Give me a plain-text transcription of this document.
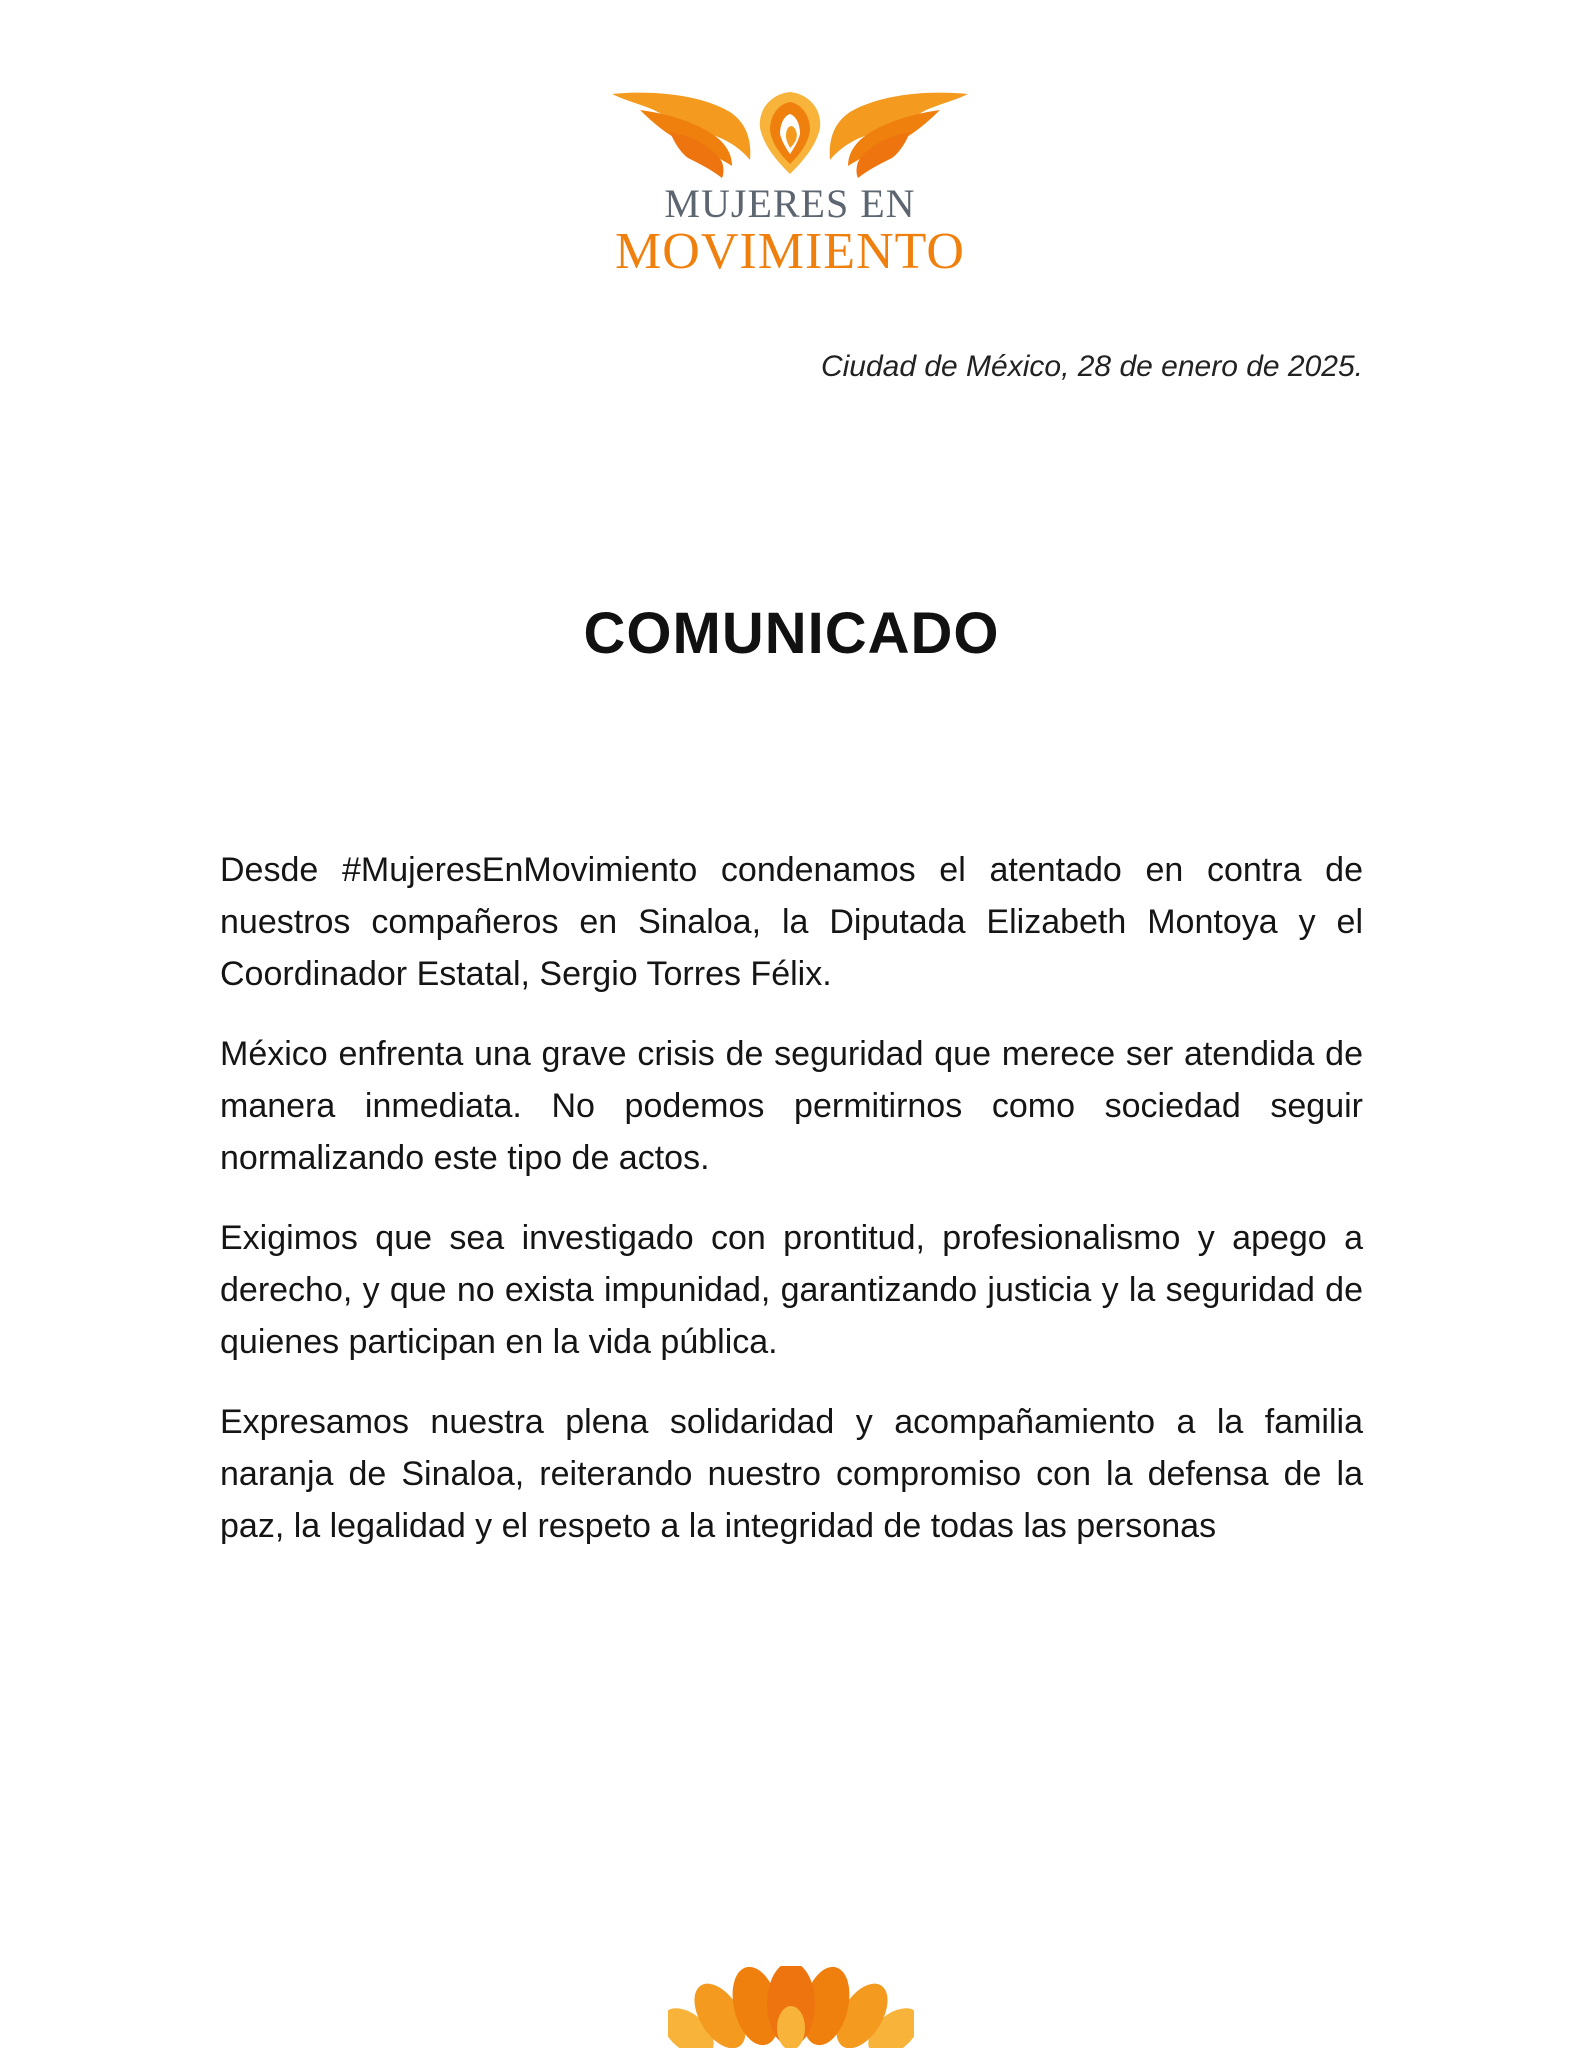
MUJERES EN
MOVIMIENTO
Ciudad de México, 28 de enero de 2025.
COMUNICADO

Desde #MujeresEnMovimiento condenamos el atentado en contra de nuestros compañeros en Sinaloa, la Diputada Elizabeth Montoya y el Coordinador Estatal, Sergio Torres Félix.

México enfrenta una grave crisis de seguridad que merece ser atendida de manera inmediata. No podemos permitirnos como sociedad seguir normalizando este tipo de actos.

Exigimos que sea investigado con prontitud, profesionalismo y apego a derecho, y que no exista impunidad, garantizando justicia y la seguridad de quienes participan en la vida pública.

Expresamos nuestra plena solidaridad y acompañamiento a la familia naranja de Sinaloa, reiterando nuestro compromiso con la defensa de la paz, la legalidad y el respeto a la integridad de todas las personas
